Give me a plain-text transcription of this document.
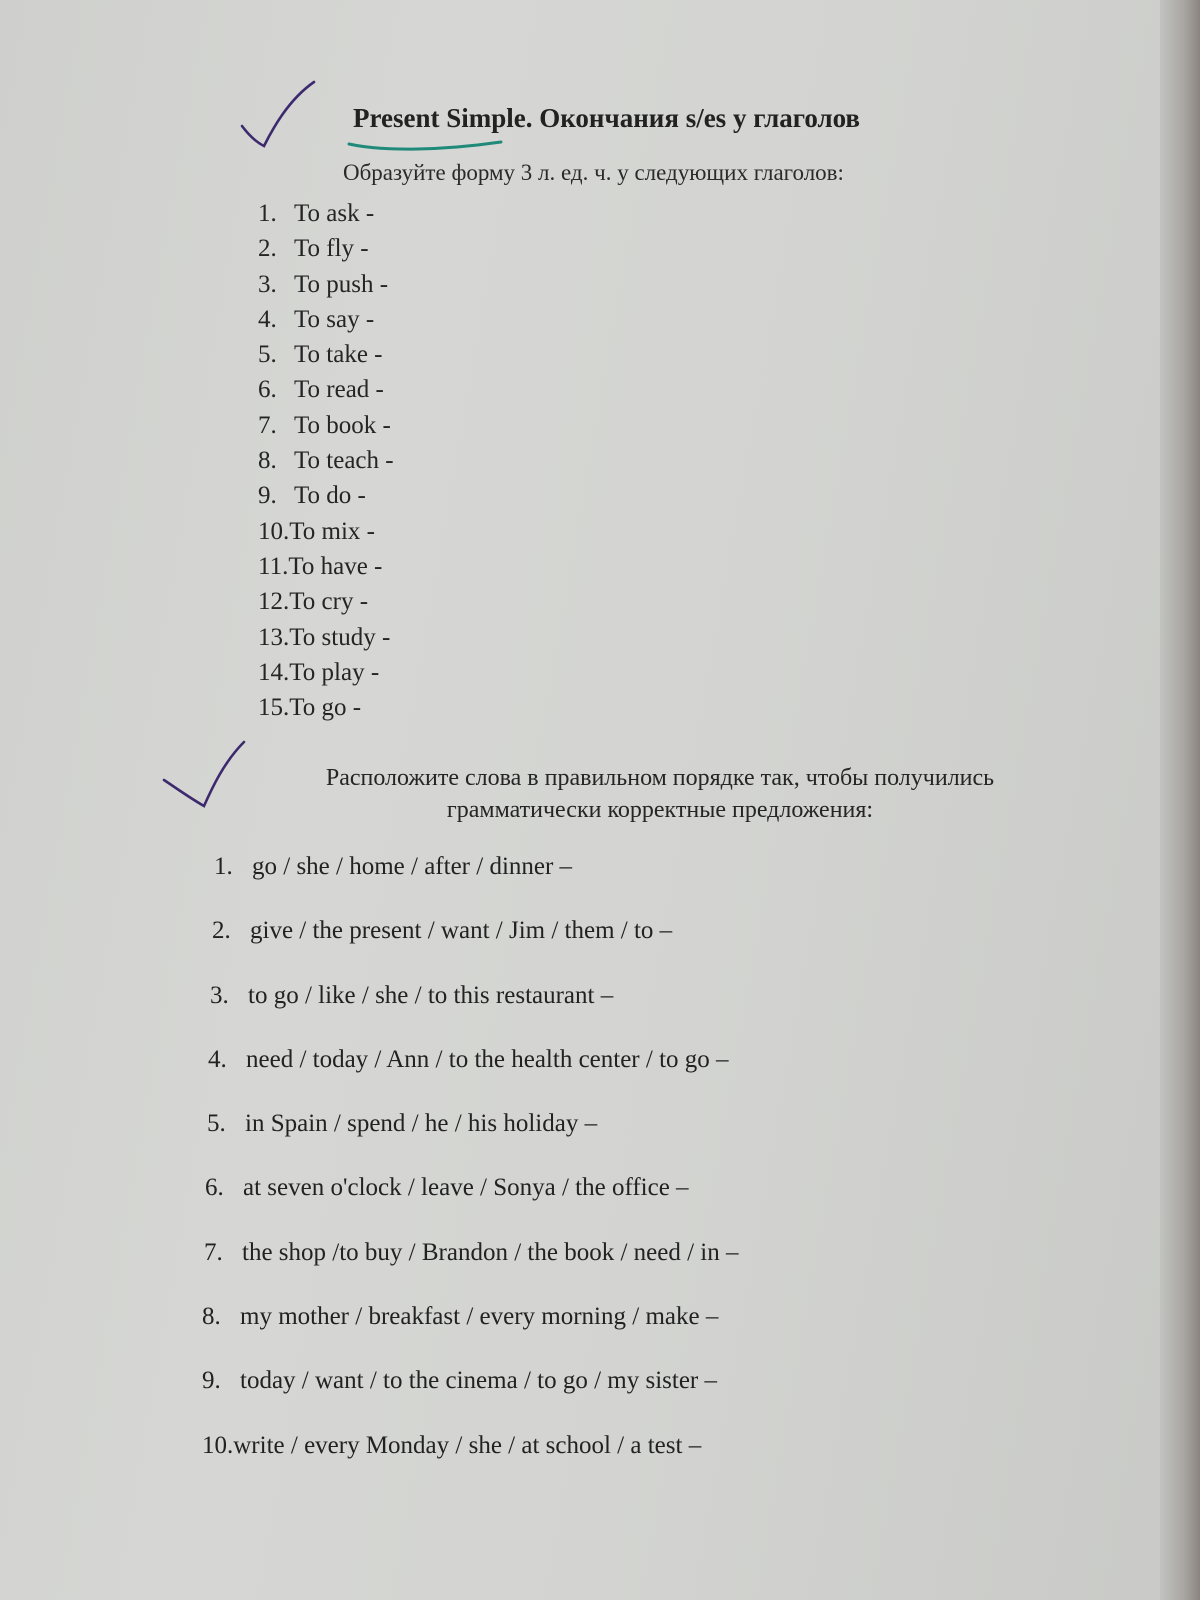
Present Simple. Окончания s/es у глаголов
Образуйте форму 3 л. ед. ч. у следующих глаголов:
1. To ask -
2. To fly -
3. To push -
4. To say -
5. To take -
6. To read -
7. To book -
8. To teach -
9. To do -
10.To mix -
11.To have -
12.To cry -
13.To study -
14.To play -
15.To go -
Расположите слова в правильном порядке так, чтобы получились
грамматически корректные предложения:
1. go / she / home / after / dinner –
2. give / the present / want / Jim / them / to –
3. to go / like / she / to this restaurant –
4. need / today / Ann / to the health center / to go –
5. in Spain / spend / he / his holiday –
6. at seven o'clock / leave / Sonya / the office –
7. the shop /to buy / Brandon / the book / need / in –
8. my mother / breakfast / every morning / make –
9. today / want / to the cinema / to go / my sister –
10.write / every Monday / she / at school / a test –
